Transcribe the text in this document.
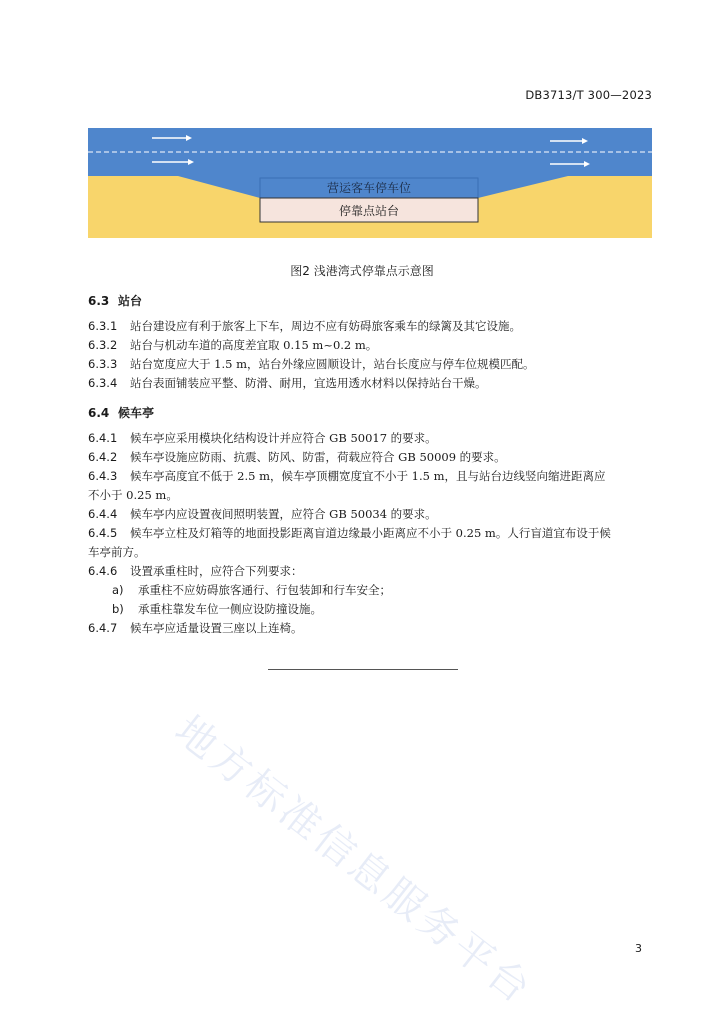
DB3713/T 300—2023
营运客车停车位
停靠点站台
图2 浅港湾式停靠点示意图
6.3 站台
6.3.1 站台建设应有利于旅客上下车，周边不应有妨碍旅客乘车的绿篱及其它设施。
6.3.2 站台与机动车道的高度差宜取 0.15 m~0.2 m。
6.3.3 站台宽度应大于 1.5 m，站台外缘应圆顺设计，站台长度应与停车位规模匹配。
6.3.4 站台表面铺装应平整、防滑、耐用，宜选用透水材料以保持站台干燥。
6.4 候车亭
6.4.1 候车亭应采用模块化结构设计并应符合 GB 50017 的要求。
6.4.2 候车亭设施应防雨、抗震、防风、防雷，荷载应符合 GB 50009 的要求。
6.4.3 候车亭高度宜不低于 2.5 m，候车亭顶棚宽度宜不小于 1.5 m，且与站台边线竖向缩进距离应
不小于 0.25 m。
6.4.4 候车亭内应设置夜间照明装置，应符合 GB 50034 的要求。
6.4.5 候车亭立柱及灯箱等的地面投影距离盲道边缘最小距离应不小于 0.25 m。人行盲道宜布设于候
车亭前方。
6.4.6 设置承重柱时，应符合下列要求：
a) 承重柱不应妨碍旅客通行、行包装卸和行车安全；
b) 承重柱靠发车位一侧应设防撞设施。
6.4.7 候车亭应适量设置三座以上连椅。
地方标准信息服务平台	3
